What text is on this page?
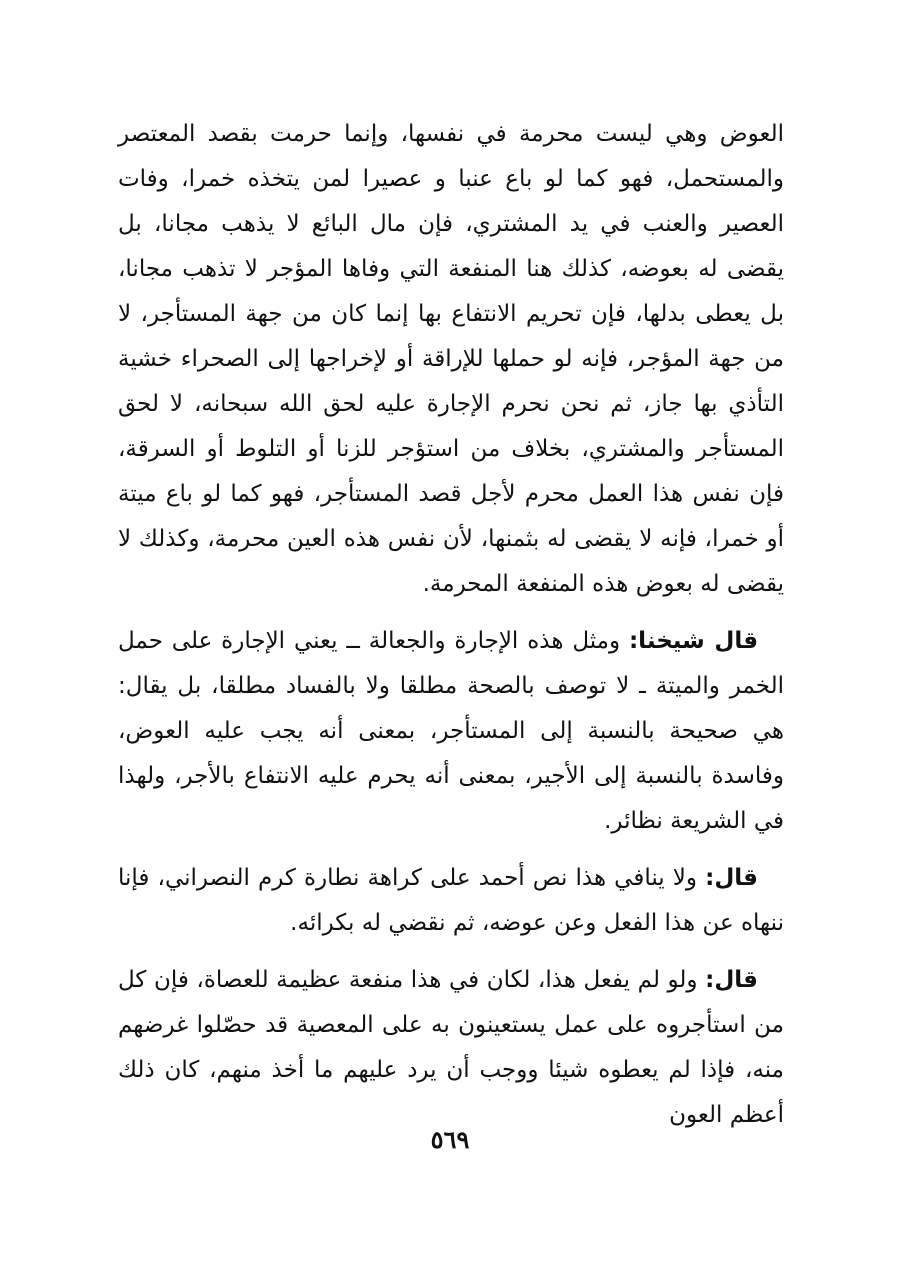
العوض وهي ليست محرمة في نفسها، وإنما حرمت بقصد المعتصر والمستحمل، فهو كما لو باع عنبا و عصيرا لمن يتخذه خمرا، وفات العصير والعنب في يد المشتري، فإن مال البائع لا يذهب مجانا، بل يقضى له بعوضه، كذلك هنا المنفعة التي وفاها المؤجر لا تذهب مجانا، بل يعطى بدلها، فإن تحريم الانتفاع بها إنما كان من جهة المستأجر، لا من جهة المؤجر، فإنه لو حملها للإراقة أو لإخراجها إلى الصحراء خشية التأذي بها جاز، ثم نحن نحرم الإجارة عليه لحق الله سبحانه، لا لحق المستأجر والمشتري، بخلاف من استؤجر للزنا أو التلوط أو السرقة، فإن نفس هذا العمل محرم لأجل قصد المستأجر، فهو كما لو باع ميتة أو خمرا، فإنه لا يقضى له بثمنها، لأن نفس هذه العين محرمة، وكذلك لا يقضى له بعوض هذه المنفعة المحرمة.

قال شيخنا: ومثل هذه الإجارة والجعالة ــ يعني الإجارة على حمل الخمر والميتة ـ لا توصف بالصحة مطلقا ولا بالفساد مطلقا، بل يقال: هي صحيحة بالنسبة إلى المستأجر، بمعنى أنه يجب عليه العوض، وفاسدة بالنسبة إلى الأجير، بمعنى أنه يحرم عليه الانتفاع بالأجر، ولهذا في الشريعة نظائر.

قال: ولا ينافي هذا نص أحمد على كراهة نطارة كرم النصراني، فإنا ننهاه عن هذا الفعل وعن عوضه، ثم نقضي له بكرائه.

قال: ولو لم يفعل هذا، لكان في هذا منفعة عظيمة للعصاة، فإن كل من استأجروه على عمل يستعينون به على المعصية قد حصّلوا غرضهم منه، فإذا لم يعطوه شيئا ووجب أن يرد عليهم ما أخذ منهم، كان ذلك أعظم العون

٥٦٩
